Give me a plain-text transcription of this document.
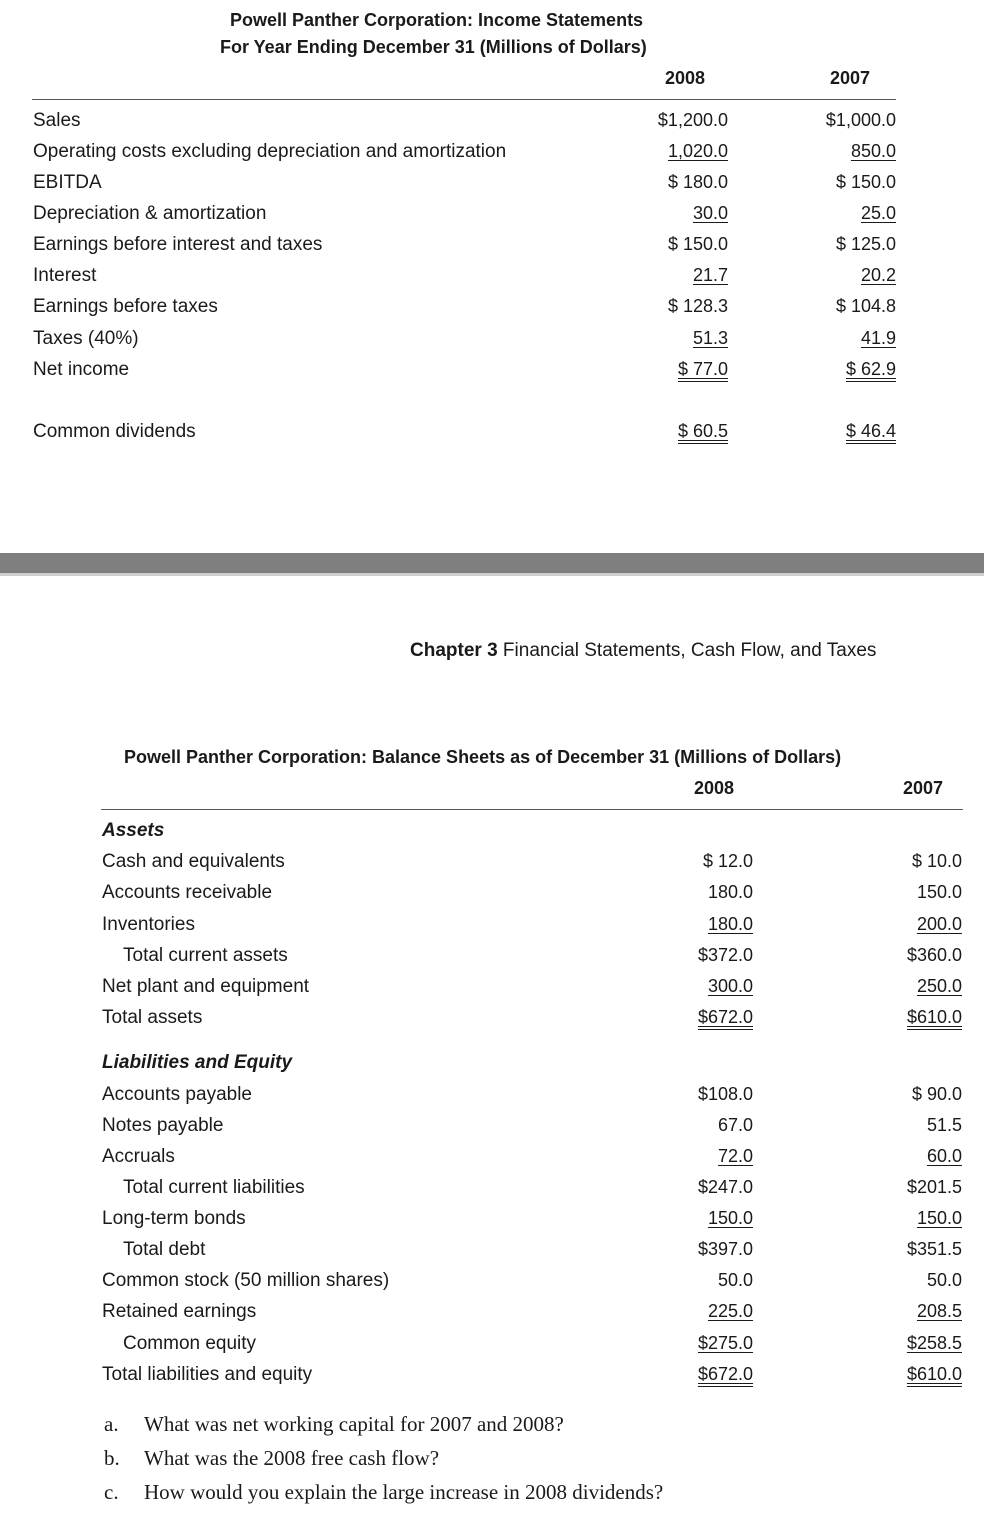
Powell Panther Corporation: Income Statements
For Year Ending December 31 (Millions of Dollars)
2008	2007
Sales	$1,200.0	$1,000.0
Operating costs excluding depreciation and amortization	1,020.0	850.0
EBITDA	$ 180.0	$ 150.0
Depreciation & amortization	30.0	25.0
Earnings before interest and taxes	$ 150.0	$ 125.0
Interest	21.7	20.2
Earnings before taxes	$ 128.3	$ 104.8
Taxes (40%)	51.3	41.9
Net income	$ 77.0	$ 62.9
Common dividends	$ 60.5	$ 46.4
Chapter 3 Financial Statements, Cash Flow, and Taxes
Powell Panther Corporation: Balance Sheets as of December 31 (Millions of Dollars)
2008	2007
Assets
Cash and equivalents	$ 12.0	$ 10.0
Accounts receivable	180.0	150.0
Inventories	180.0	200.0
Total current assets	$372.0	$360.0
Net plant and equipment	300.0	250.0
Total assets	$672.0	$610.0
Liabilities and Equity
Accounts payable	$108.0	$ 90.0
Notes payable	67.0	51.5
Accruals	72.0	60.0
Total current liabilities	$247.0	$201.5
Long-term bonds	150.0	150.0
Total debt	$397.0	$351.5
Common stock (50 million shares)	50.0	50.0
Retained earnings	225.0	208.5
Common equity	$275.0	$258.5
Total liabilities and equity	$672.0	$610.0
a. What was net working capital for 2007 and 2008?
b. What was the 2008 free cash flow?
c. How would you explain the large increase in 2008 dividends?
